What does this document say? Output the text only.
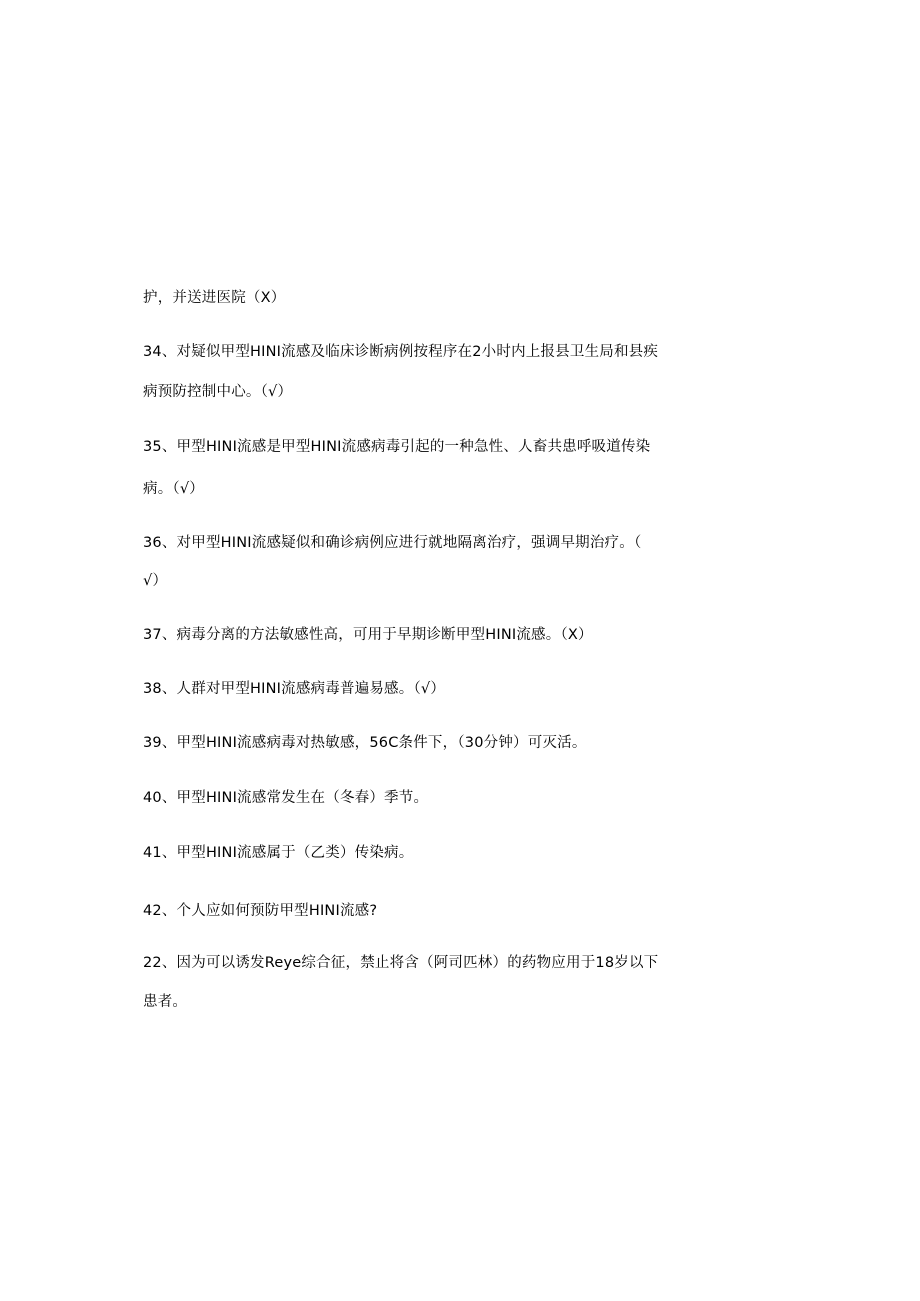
护，并送进医院（X）
34、对疑似甲型HINI流感及临床诊断病例按程序在2小时内上报县卫生局和县疾
病预防控制中心。（√）
35、甲型HINI流感是甲型HINI流感病毒引起的一种急性、人畜共患呼吸道传染
病。（√）
36、对甲型HINI流感疑似和确诊病例应进行就地隔离治疗，强调早期治疗。（
√）
37、病毒分离的方法敏感性高，可用于早期诊断甲型HINI流感。（X）
38、人群对甲型HINI流感病毒普遍易感。（√）
39、甲型HINI流感病毒对热敏感，56C条件下，（30分钟）可灭活。
40、甲型HINI流感常发生在（冬春）季节。
41、甲型HINI流感属于（乙类）传染病。
42、个人应如何预防甲型HINI流感?
22、因为可以诱发Reye综合征，禁止将含（阿司匹林）的药物应用于18岁以下
患者。
